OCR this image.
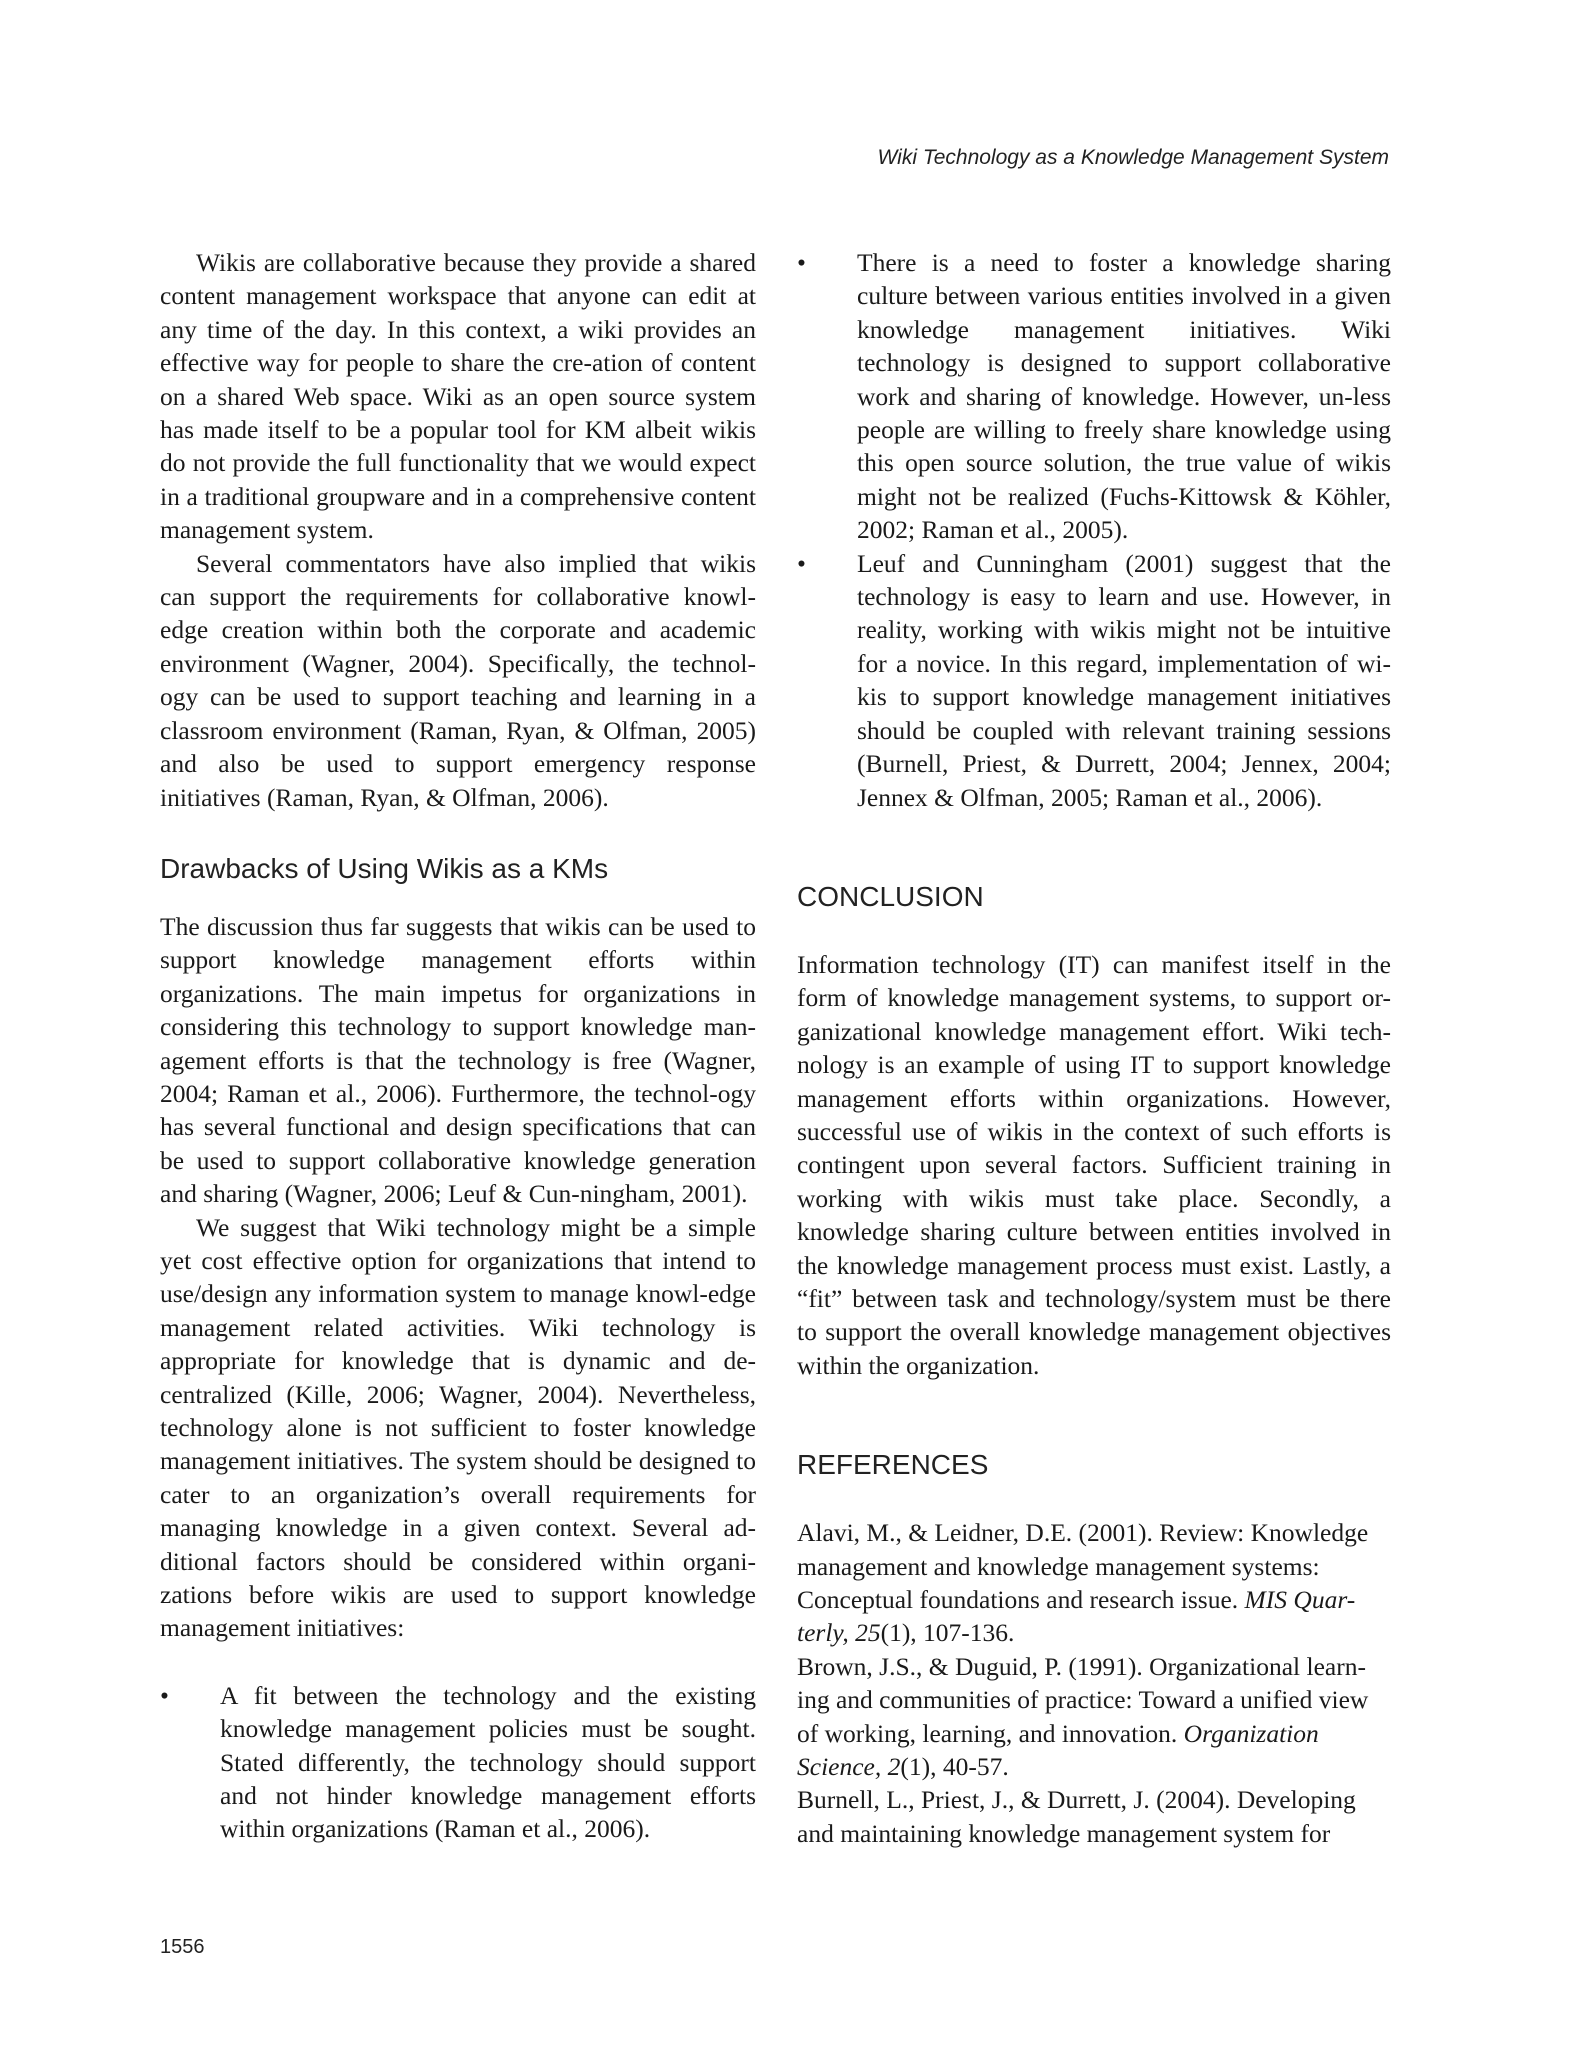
Wiki Technology as a Knowledge Management System

Wikis are collaborative because they provide a shared content management workspace that anyone can edit at any time of the day. In this context, a wiki provides an effective way for people to share the cre-ation of content on a shared Web space. Wiki as an open source system has made itself to be a popular tool for KM albeit wikis do not provide the full functionality that we would expect in a traditional groupware and in a comprehensive content management system.

Several commentators have also implied that wikis can support the requirements for collaborative knowl-edge creation within both the corporate and academic environment (Wagner, 2004). Specifically, the technol-ogy can be used to support teaching and learning in a classroom environment (Raman, Ryan, & Olfman, 2005) and also be used to support emergency response initiatives (Raman, Ryan, & Olfman, 2006).

Drawbacks of Using Wikis as a KMs

The discussion thus far suggests that wikis can be used to support knowledge management efforts within organizations. The main impetus for organizations in considering this technology to support knowledge man-agement efforts is that the technology is free (Wagner, 2004; Raman et al., 2006). Furthermore, the technol-ogy has several functional and design specifications that can be used to support collaborative knowledge generation and sharing (Wagner, 2006; Leuf & Cun-ningham, 2001).

We suggest that Wiki technology might be a simple yet cost effective option for organizations that intend to use/design any information system to manage knowl-edge management related activities. Wiki technology is appropriate for knowledge that is dynamic and de-centralized (Kille, 2006; Wagner, 2004). Nevertheless, technology alone is not sufficient to foster knowledge management initiatives. The system should be designed to cater to an organization’s overall requirements for managing knowledge in a given context. Several ad-ditional factors should be considered within organi-zations before wikis are used to support knowledge management initiatives:

• A fit between the technology and the existing knowledge management policies must be sought. Stated differently, the technology should support and not hinder knowledge management efforts within organizations (Raman et al., 2006).
• There is a need to foster a knowledge sharing culture between various entities involved in a given knowledge management initiatives. Wiki technology is designed to support collaborative work and sharing of knowledge. However, un-less people are willing to freely share knowledge using this open source solution, the true value of wikis might not be realized (Fuchs-Kittowsk & Köhler, 2002; Raman et al., 2005).
• Leuf and Cunningham (2001) suggest that the technology is easy to learn and use. However, in reality, working with wikis might not be intuitive for a novice. In this regard, implementation of wi-kis to support knowledge management initiatives should be coupled with relevant training sessions (Burnell, Priest, & Durrett, 2004; Jennex, 2004; Jennex & Olfman, 2005; Raman et al., 2006).
CONCLUSION

Information technology (IT) can manifest itself in the form of knowledge management systems, to support or-ganizational knowledge management effort. Wiki tech-nology is an example of using IT to support knowledge management efforts within organizations. However, successful use of wikis in the context of such efforts is contingent upon several factors. Sufficient training in working with wikis must take place. Secondly, a knowledge sharing culture between entities involved in the knowledge management process must exist. Lastly, a “fit” between task and technology/system must be there to support the overall knowledge management objectives within the organization.

REFERENCES

Alavi, M., & Leidner, D.E. (2001). Review: Knowledge management and knowledge management systems: Conceptual foundations and research issue. MIS Quar-terly, 25(1), 107-136.

Brown, J.S., & Duguid, P. (1991). Organizational learn-ing and communities of practice: Toward a unified view of working, learning, and innovation. Organization Science, 2(1), 40-57.

Burnell, L., Priest, J., & Durrett, J. (2004). Developing and maintaining knowledge management system for

1556
